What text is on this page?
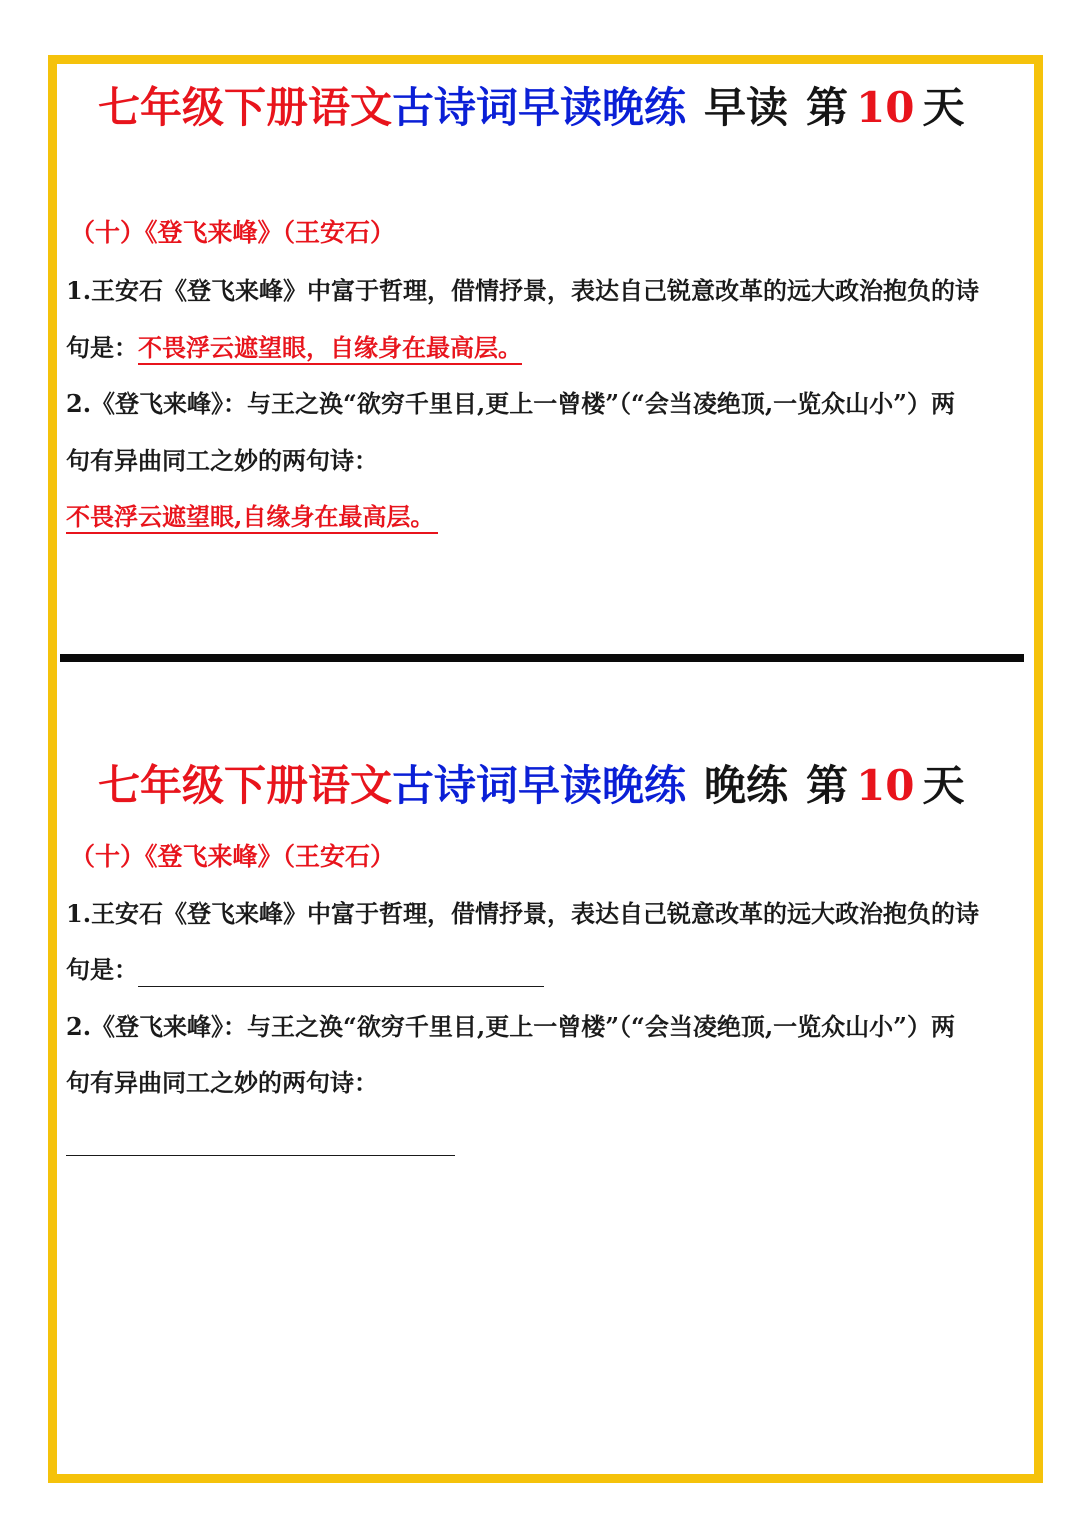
七年级下册语文古诗词早读晚练 早读 第 10 天
（十）《登飞来峰》（王安石）
1.王安石《登飞来峰》中富于哲理，借情抒景，表达自己锐意改革的远大政治抱负的诗
句是：不畏浮云遮望眼，自缘身在最高层。
2.《登飞来峰》：与王之涣“欲穷千里目,更上一曾楼”（“会当凌绝顶,一览众山小”）两
句有异曲同工之妙的两句诗：
不畏浮云遮望眼,自缘身在最高层。
七年级下册语文古诗词早读晚练 晚练 第 10 天
（十）《登飞来峰》（王安石）
1.王安石《登飞来峰》中富于哲理，借情抒景，表达自己锐意改革的远大政治抱负的诗
句是：
2.《登飞来峰》：与王之涣“欲穷千里目,更上一曾楼”（“会当凌绝顶,一览众山小”）两
句有异曲同工之妙的两句诗：
